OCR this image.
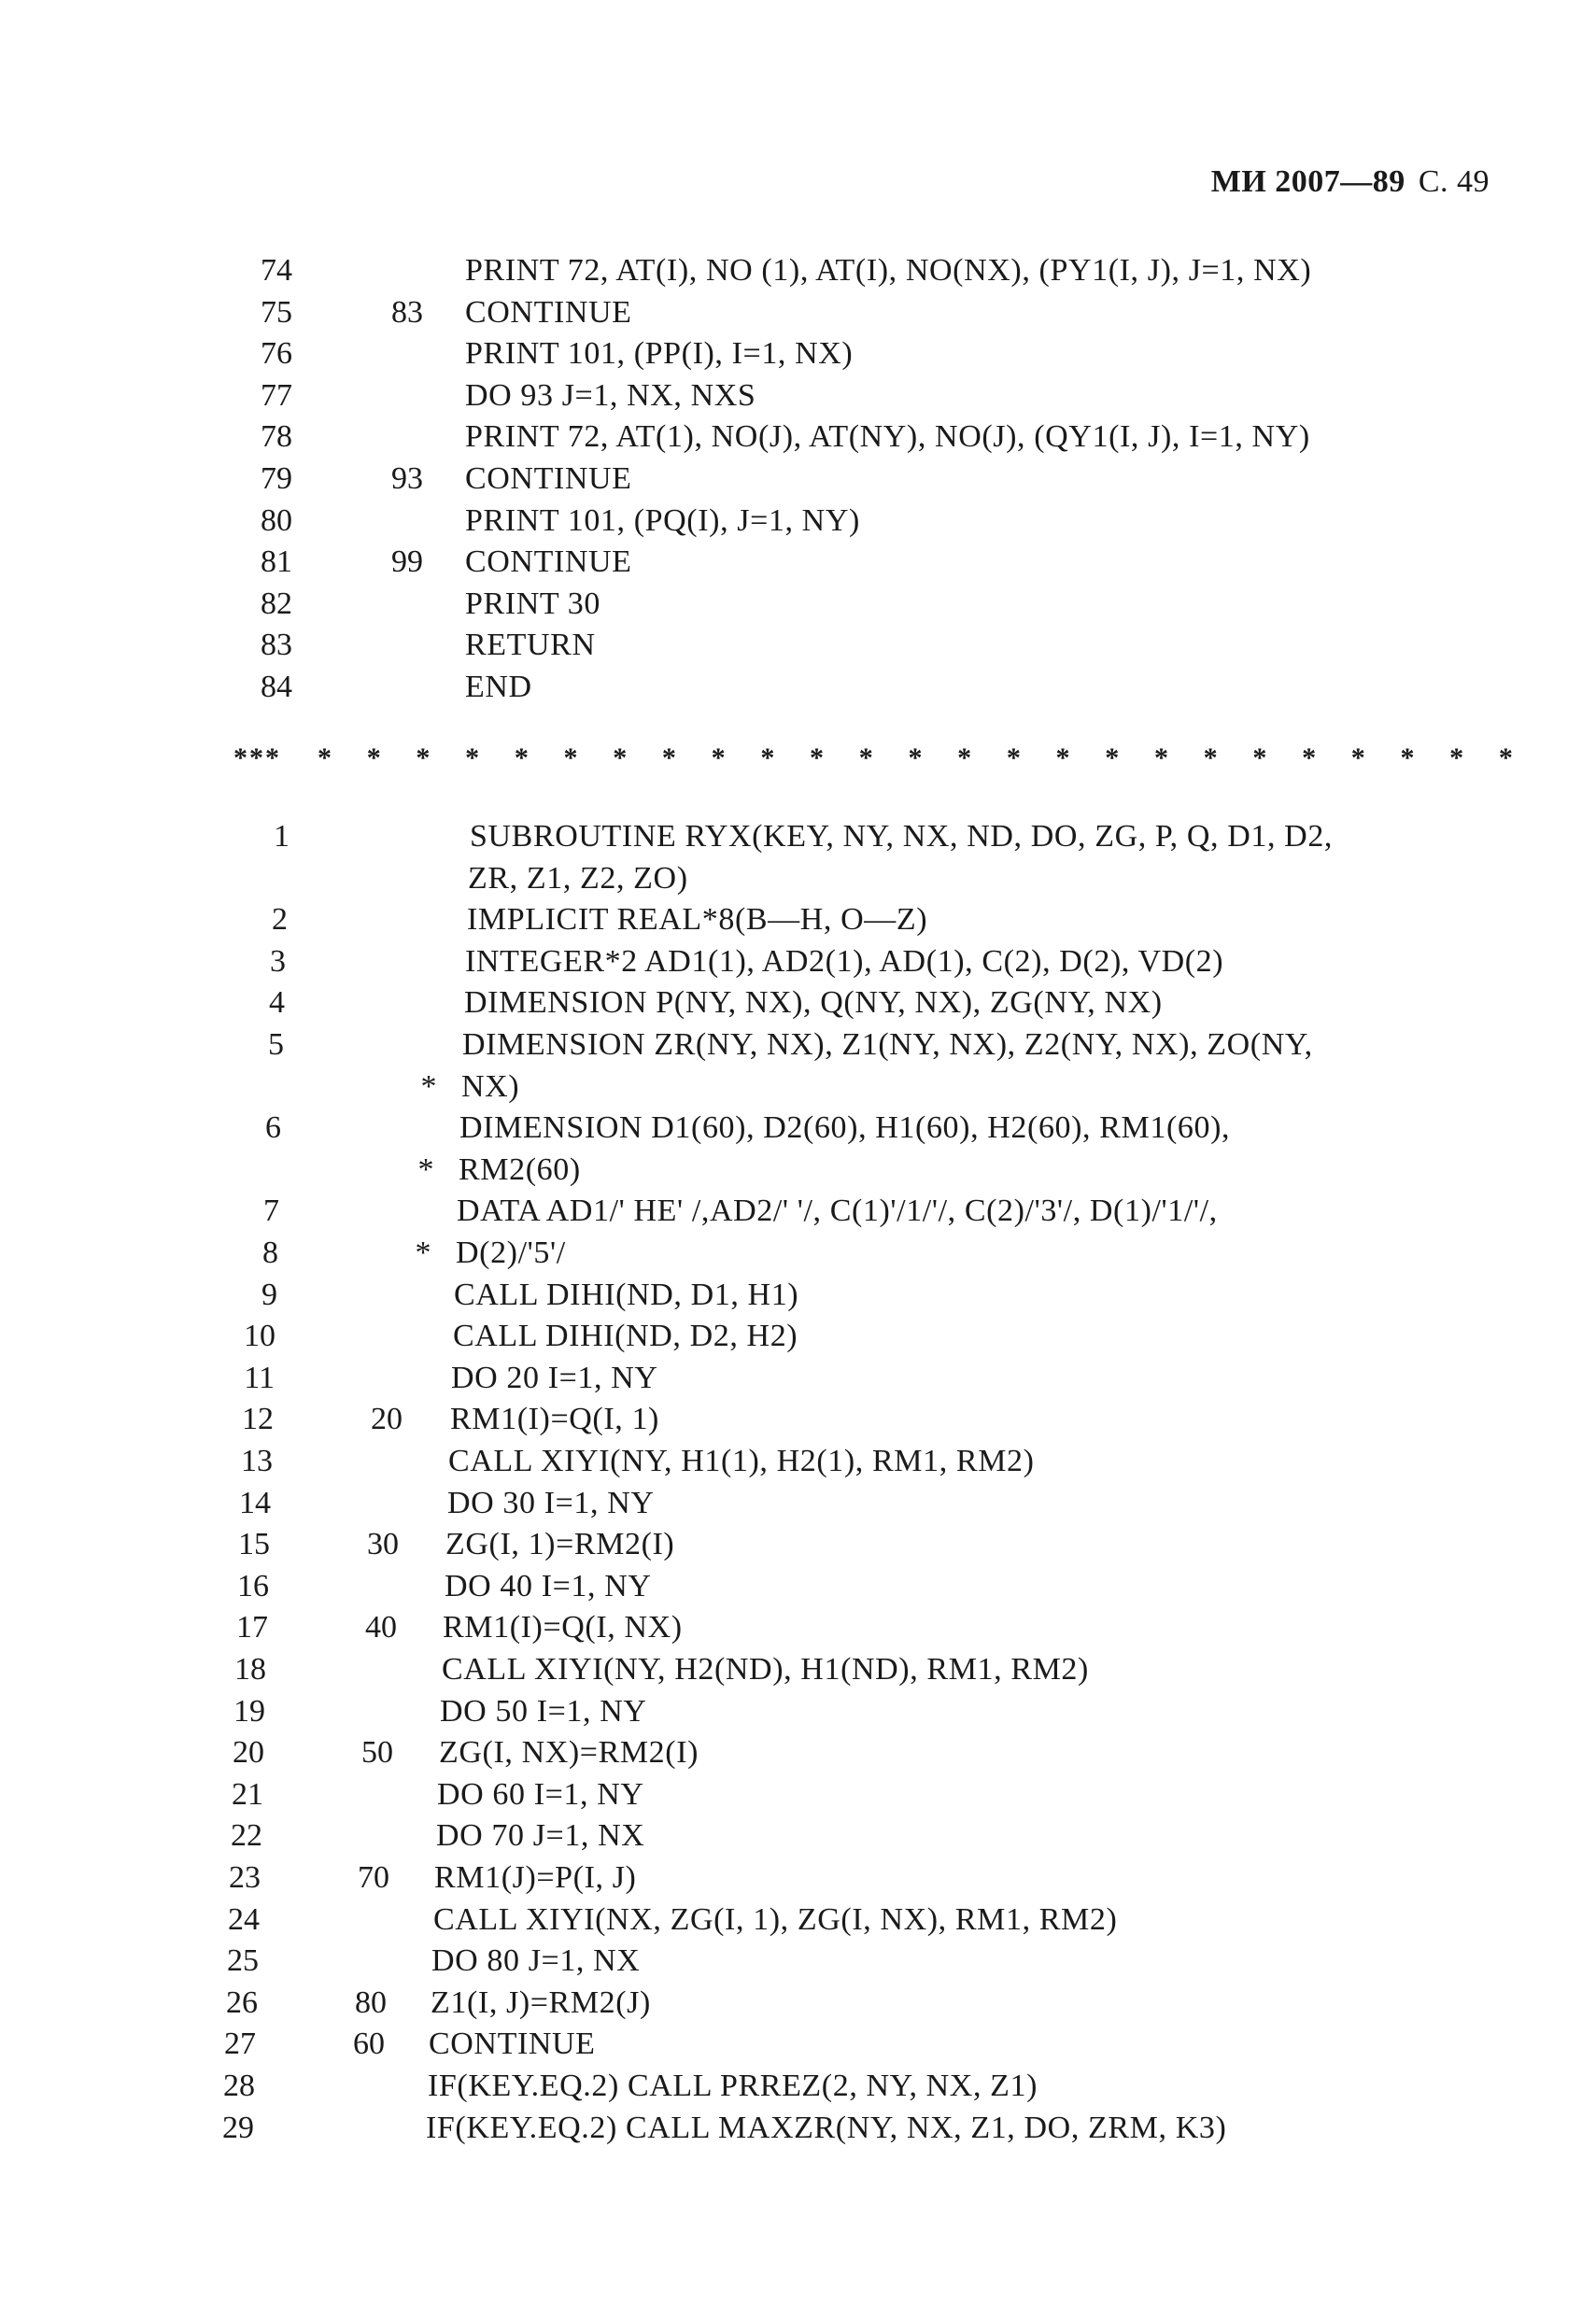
МИ 2007—89 С. 49
74	PRINT 72, AT(I), NO (1), AT(I), NO(NX), (PY1(I, J), J=1, NX)
75	83 CONTINUE
76	PRINT 101, (PP(I), I=1, NX)
77	DO 93 J=1, NX, NXS
78	PRINT 72, AT(1), NO(J), AT(NY), NO(J), (QY1(I, J), I=1, NY)
79	93 CONTINUE
80	PRINT 101, (PQ(I), J=1, NY)
81	99 CONTINUE
82	PRINT 30
83	RETURN
84	END
*** * * * * * * * * * * * * * * * * * * * * * * * * *
1	SUBROUTINE RYX(KEY, NY, NX, ND, DO, ZG, P, Q, D1, D2,
ZR, Z1, Z2, ZO)
2	IMPLICIT REAL*8(B—H, O—Z)
3	INTEGER*2 AD1(1), AD2(1), AD(1), C(2), D(2), VD(2)
4	DIMENSION P(NY, NX), Q(NY, NX), ZG(NY, NX)
5	DIMENSION ZR(NY, NX), Z1(NY, NX), Z2(NY, NX), ZO(NY,
* NX)
6	DIMENSION D1(60), D2(60), H1(60), H2(60), RM1(60),
* RM2(60)
7	DATA AD1/' HE' /,AD2/' '/, C(1)'/1/'/, C(2)/'3'/, D(1)/'1/'/,
8	* D(2)/'5'/
9	CALL DIHI(ND, D1, H1)
10	CALL DIHI(ND, D2, H2)
11	DO 20 I=1, NY
12	20 RM1(I)=Q(I, 1)
13	CALL XIYI(NY, H1(1), H2(1), RM1, RM2)
14	DO 30 I=1, NY
15	30 ZG(I, 1)=RM2(I)
16	DO 40 I=1, NY
17	40 RM1(I)=Q(I, NX)
18	CALL XIYI(NY, H2(ND), H1(ND), RM1, RM2)
19	DO 50 I=1, NY
20	50 ZG(I, NX)=RM2(I)
21	DO 60 I=1, NY
22	DO 70 J=1, NX
23	70 RM1(J)=P(I, J)
24	CALL XIYI(NX, ZG(I, 1), ZG(I, NX), RM1, RM2)
25	DO 80 J=1, NX
26	80 Z1(I, J)=RM2(J)
27	60 CONTINUE
28	IF(KEY.EQ.2) CALL PRREZ(2, NY, NX, Z1)
29	IF(KEY.EQ.2) CALL MAXZR(NY, NX, Z1, DO, ZRM, K3)
